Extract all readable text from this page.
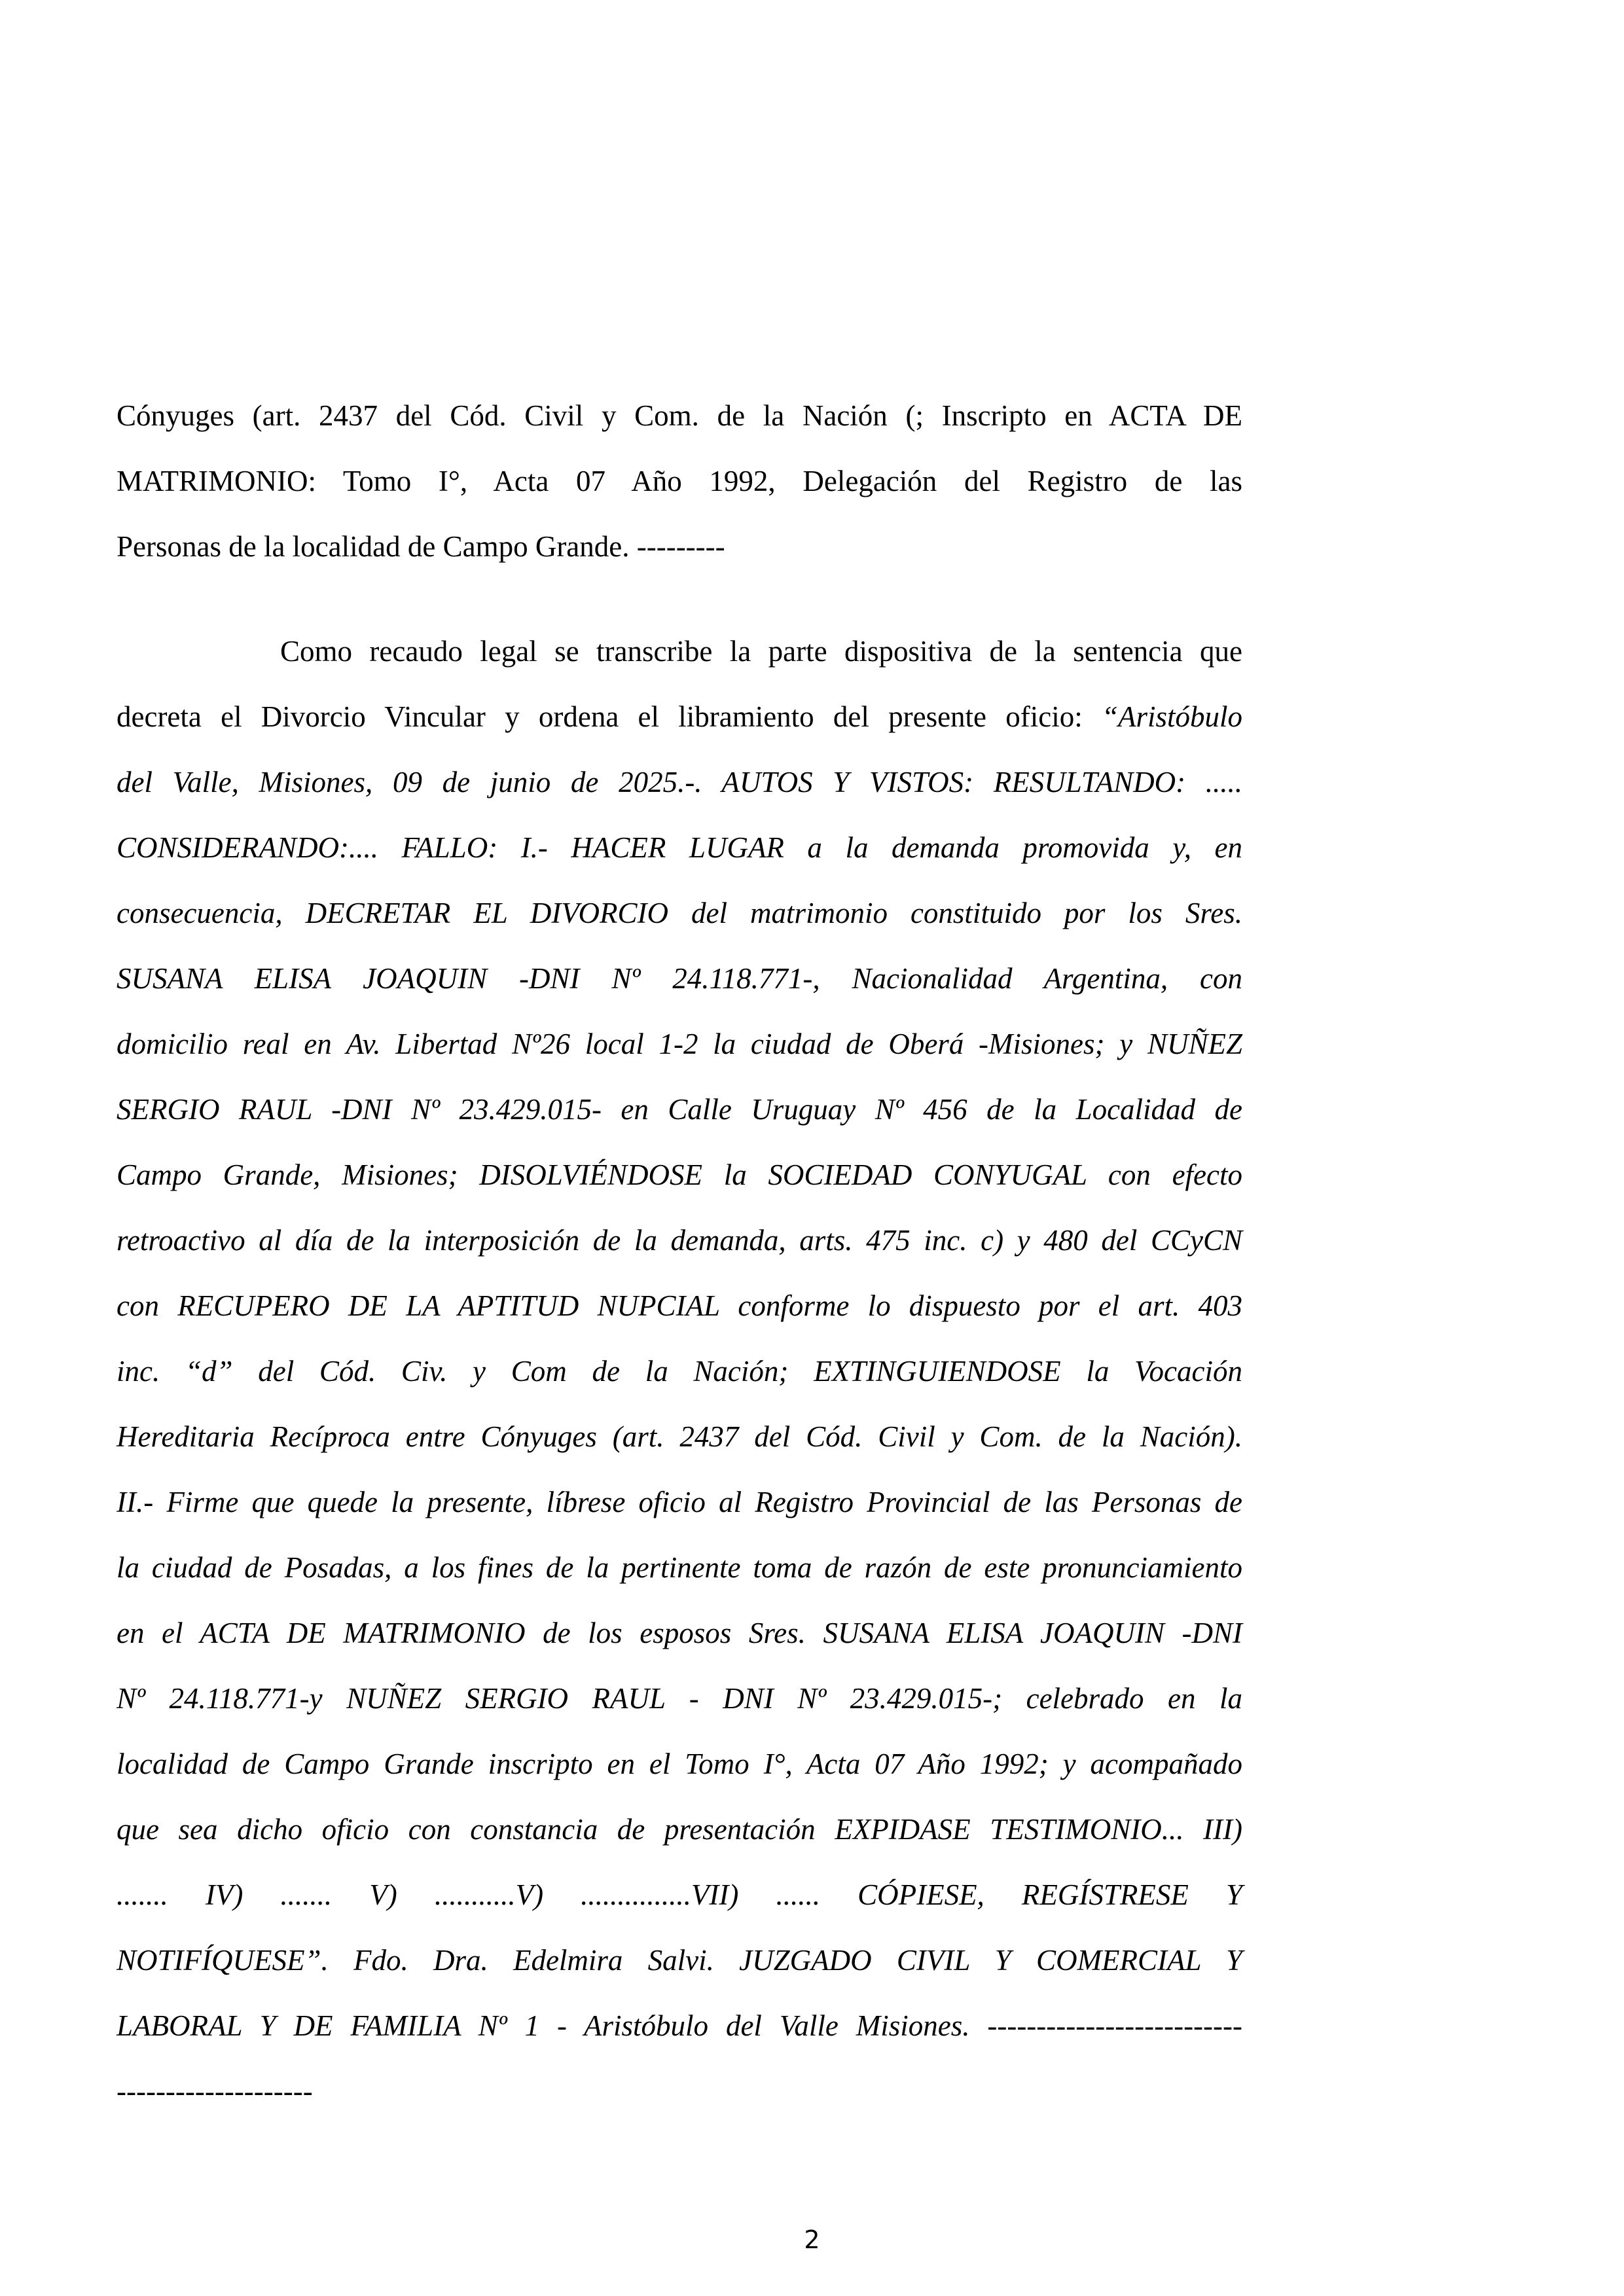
Cónyuges (art. 2437 del Cód. Civil y Com. de la Nación (; Inscripto en ACTA DE
MATRIMONIO: Tomo I°, Acta 07 Año 1992, Delegación del Registro de las
Personas de la localidad de Campo Grande. ---------
Como recaudo legal se transcribe la parte dispositiva de la sentencia que
decreta el Divorcio Vincular y ordena el libramiento del presente oficio: “Aristóbulo
del Valle, Misiones, 09 de junio de 2025.-. AUTOS Y VISTOS: RESULTANDO: .....
CONSIDERANDO:.... FALLO: I.- HACER LUGAR a la demanda promovida y, en
consecuencia, DECRETAR EL DIVORCIO del matrimonio constituido por los Sres.
SUSANA ELISA JOAQUIN -DNI Nº 24.118.771-, Nacionalidad Argentina, con
domicilio real en Av. Libertad Nº26 local 1-2 la ciudad de Oberá -Misiones; y NUÑEZ
SERGIO RAUL -DNI Nº 23.429.015- en Calle Uruguay Nº 456 de la Localidad de
Campo Grande, Misiones; DISOLVIÉNDOSE la SOCIEDAD CONYUGAL con efecto
retroactivo al día de la interposición de la demanda, arts. 475 inc. c) y 480 del CCyCN
con RECUPERO DE LA APTITUD NUPCIAL conforme lo dispuesto por el art. 403
inc. “d” del Cód. Civ. y Com de la Nación; EXTINGUIENDOSE la Vocación
Hereditaria Recíproca entre Cónyuges (art. 2437 del Cód. Civil y Com. de la Nación).
II.- Firme que quede la presente, líbrese oficio al Registro Provincial de las Personas de
la ciudad de Posadas, a los fines de la pertinente toma de razón de este pronunciamiento
en el ACTA DE MATRIMONIO de los esposos Sres. SUSANA ELISA JOAQUIN -DNI
Nº 24.118.771-y NUÑEZ SERGIO RAUL - DNI Nº 23.429.015-; celebrado en la
localidad de Campo Grande inscripto en el Tomo I°, Acta 07 Año 1992; y acompañado
que sea dicho oficio con constancia de presentación EXPIDASE TESTIMONIO... III)
....... IV) ....... V) ...........V) ...............VII) ...... CÓPIESE, REGÍSTRESE Y
NOTIFÍQUESE”. Fdo. Dra. Edelmira Salvi. JUZGADO CIVIL Y COMERCIAL Y
LABORAL Y DE FAMILIA Nº 1 - Aristóbulo del Valle Misiones. --------------------------
--------------------
2
